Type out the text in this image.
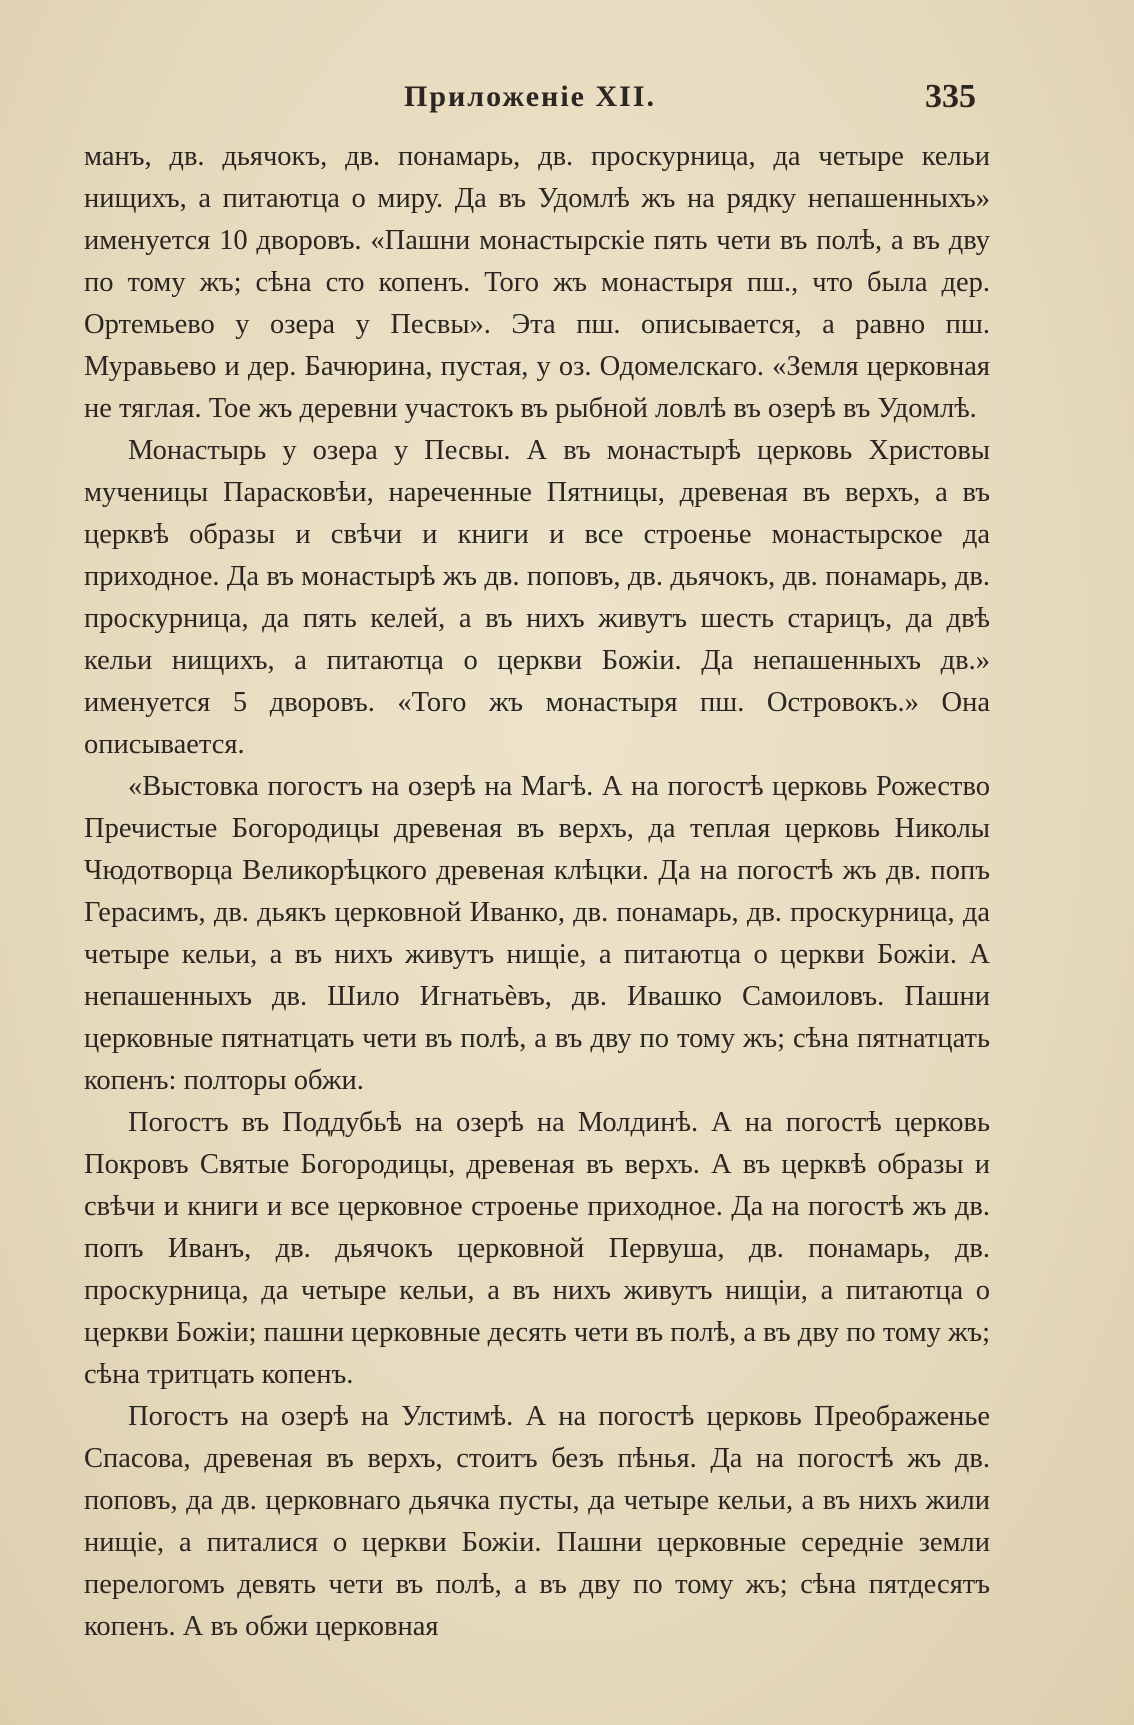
Приложеніе XII.	335

манъ, дв. дьячокъ, дв. понамарь, дв. проскурница, да четыре кельи нищихъ, а питаютца о миру. Да въ Удомлѣ жъ на рядку непашенныхъ» именуется 10 дворовъ. «Пашни монастырскіе пять чети въ полѣ, а въ дву по тому жъ; сѣна сто копенъ. Того жъ монастыря пш., что была дер. Ортемьево у озера у Песвы». Эта пш. описывается, а равно пш. Муравьево и дер. Бачюрина, пустая, у оз. Одомелскаго. «Земля церковная не тяглая. Тое жъ деревни участокъ въ рыбной ловлѣ въ озерѣ въ Удомлѣ.

Монастырь у озера у Песвы. А въ монастырѣ церковь Христовы мученицы Парасковѣи, нареченные Пятницы, древеная въ верхъ, а въ церквѣ образы и свѣчи и книги и все строенье монастырское да приходное. Да въ монастырѣ жъ дв. поповъ, дв. дьячокъ, дв. понамарь, дв. проскурница, да пять келей, а въ нихъ живутъ шесть старицъ, да двѣ кельи нищихъ, а питаютца о церкви Божіи. Да непашенныхъ дв.» именуется 5 дворовъ. «Того жъ монастыря пш. Островокъ.» Она описывается.

«Выстовка погостъ на озерѣ на Магѣ. А на погостѣ церковь Рожество Пречистые Богородицы древеная въ верхъ, да теплая церковь Николы Чюдотворца Великорѣцкого древеная клѣцки. Да на погостѣ жъ дв. попъ Герасимъ, дв. дьякъ церковной Иванко, дв. понамарь, дв. проскурница, да четыре кельи, а въ нихъ живутъ нищіе, а питаютца о церкви Божіи. А непашенныхъ дв. Шило Игнатьѐвъ, дв. Ивашко Самоиловъ. Пашни церковные пятнатцать чети въ полѣ, а въ дву по тому жъ; сѣна пятнатцать копенъ: полторы обжи.

Погостъ въ Поддубьѣ на озерѣ на Молдинѣ. А на погостѣ церковь Покровъ Святые Богородицы, древеная въ верхъ. А въ церквѣ образы и свѣчи и книги и все церковное строенье приходное. Да на погостѣ жъ дв. попъ Иванъ, дв. дьячокъ церковной Первуша, дв. понамарь, дв. проскурница, да четыре кельи, а въ нихъ живутъ нищіи, а питаютца о церкви Божіи; пашни церковные десять чети въ полѣ, а въ дву по тому жъ; сѣна тритцать копенъ.

Погостъ на озерѣ на Улстимѣ. А на погостѣ церковь Преображенье Спасова, древеная въ верхъ, стоитъ безъ пѣнья. Да на погостѣ жъ дв. поповъ, да дв. церковнаго дьячка пусты, да четыре кельи, а въ нихъ жили нищіе, а питалися о церкви Божіи. Пашни церковные середніе земли перелогомъ девять чети въ полѣ, а въ дву по тому жъ; сѣна пятдесятъ копенъ. А въ обжи церковная
